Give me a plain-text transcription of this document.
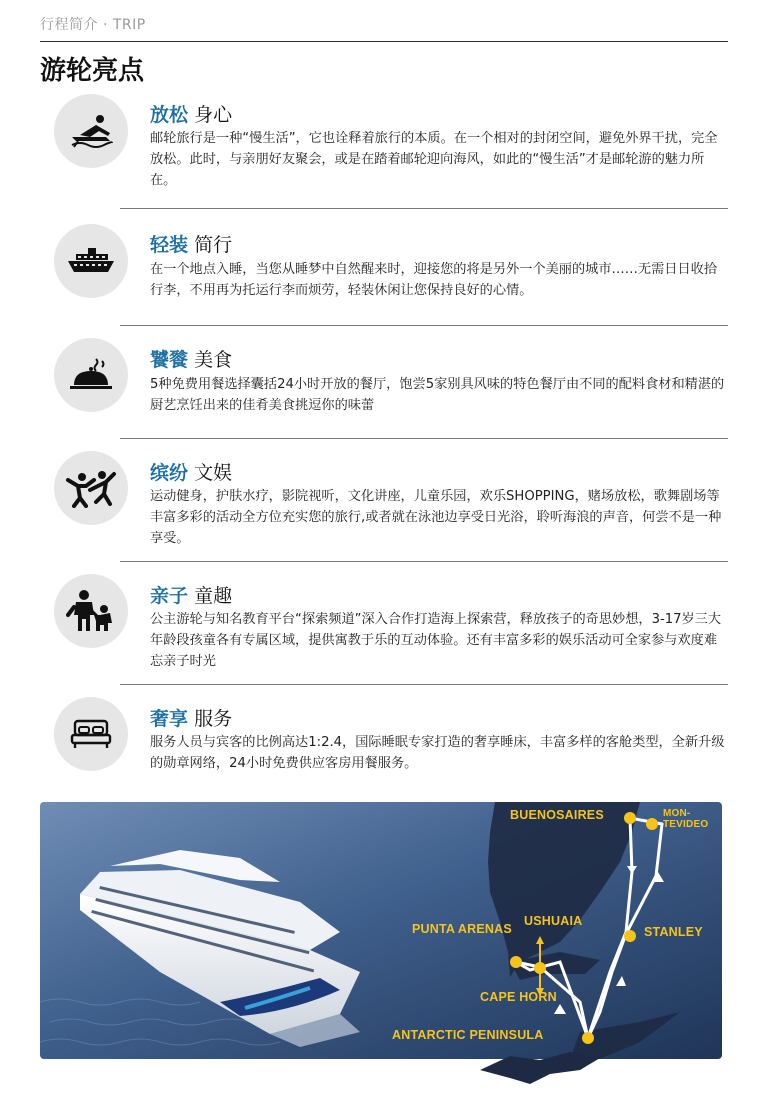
行程简介 · TRIP
游轮亮点
放松 身心
邮轮旅行是一种“慢生活”，它也诠释着旅行的本质。在一个相对的封闭空间，避免外界干扰，完全放松。此时，与亲朋好友聚会，或是在踏着邮轮迎向海风，如此的“慢生活”才是邮轮游的魅力所在。
轻装 简行
在一个地点入睡，当您从睡梦中自然醒来时，迎接您的将是另外一个美丽的城市……无需日日收拾行李，不用再为托运行李而烦劳，轻装休闲让您保持良好的心情。
饕餮 美食
5种免费用餐选择囊括24小时开放的餐厅，饱尝5家别具风味的特色餐厅由不同的配料食材和精湛的厨艺烹饪出来的佳肴美食挑逗你的味蕾
缤纷 文娱
运动健身，护肤水疗，影院视听，文化讲座，儿童乐园，欢乐SHOPPING，赌场放松，歌舞剧场等丰富多彩的活动全方位充实您的旅行,或者就在泳池边享受日光浴，聆听海浪的声音，何尝不是一种享受。
亲子 童趣
公主游轮与知名教育平台“探索频道”深入合作打造海上探索营，释放孩子的奇思妙想，3-17岁三大年龄段孩童各有专属区域，提供寓教于乐的互动体验。还有丰富多彩的娱乐活动可全家参与欢度难忘亲子时光
奢享 服务
服务人员与宾客的比例高达1:2.4，国际睡眠专家打造的奢享睡床，丰富多样的客舱类型，全新升级的勋章网络，24小时免费供应客房用餐服务。
BUENOSAIRES	MON-
TEVIDEO
STANLEY
PUNTA ARENAS
USHUAIA
CAPE HORN
ANTARCTIC PENINSULA
